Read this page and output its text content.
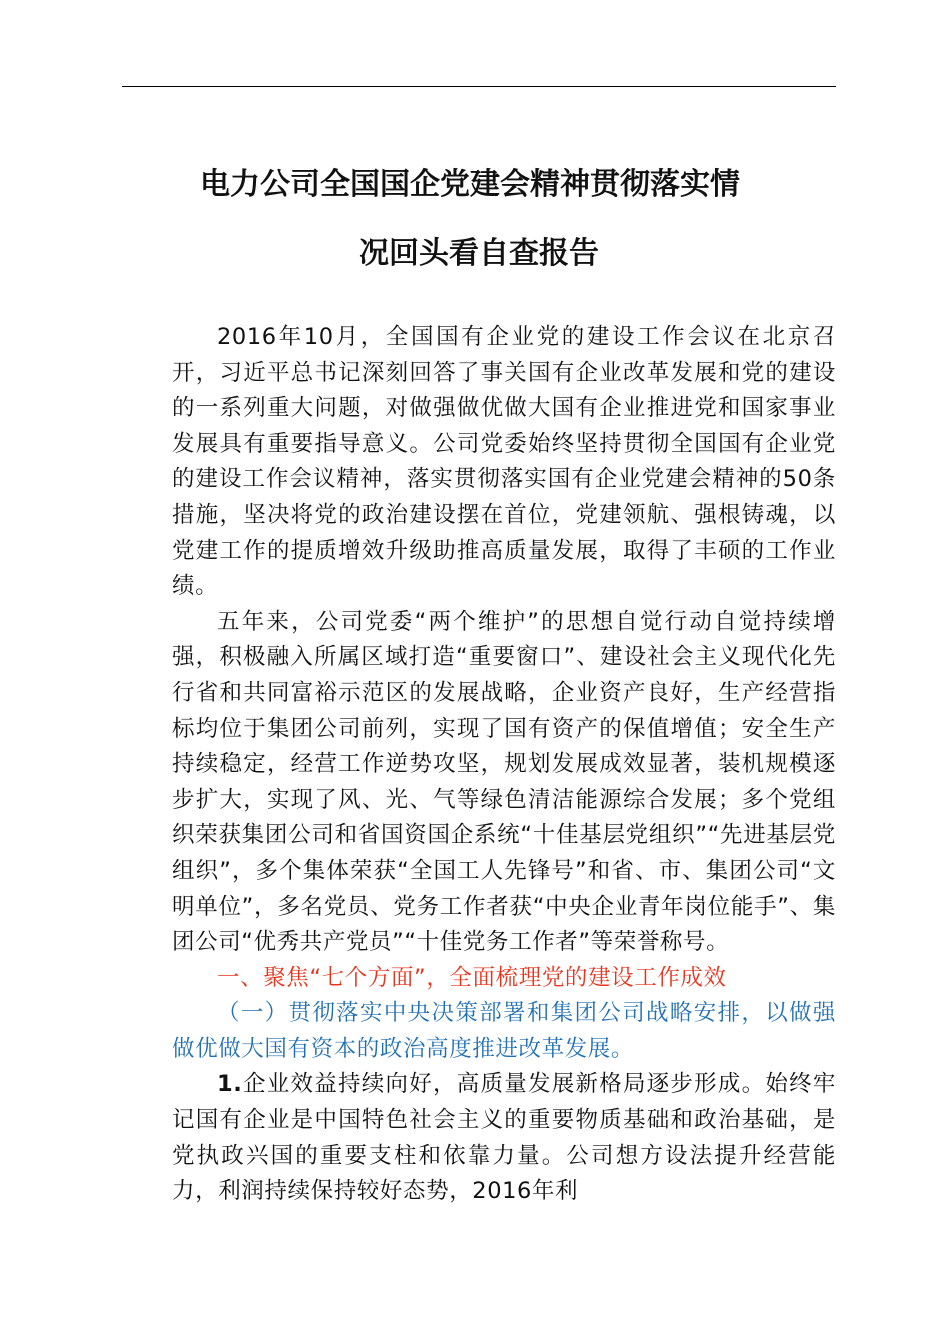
电力公司全国国企党建会精神贯彻落实情
况回头看自查报告

2016年10月，全国国有企业党的建设工作会议在北京召开，习近平总书记深刻回答了事关国有企业改革发展和党的建设的一系列重大问题，对做强做优做大国有企业推进党和国家事业发展具有重要指导意义。公司党委始终坚持贯彻全国国有企业党的建设工作会议精神，落实贯彻落实国有企业党建会精神的50条措施，坚决将党的政治建设摆在首位，党建领航、强根铸魂，以党建工作的提质增效升级助推高质量发展，取得了丰硕的工作业绩。

五年来，公司党委“两个维护”的思想自觉行动自觉持续增强，积极融入所属区域打造“重要窗口”、建设社会主义现代化先行省和共同富裕示范区的发展战略，企业资产良好，生产经营指标均位于集团公司前列，实现了国有资产的保值增值；安全生产持续稳定，经营工作逆势攻坚，规划发展成效显著，装机规模逐步扩大，实现了风、光、气等绿色清洁能源综合发展；多个党组织荣获集团公司和省国资国企系统“十佳基层党组织”“先进基层党组织”，多个集体荣获“全国工人先锋号”和省、市、集团公司“文明单位”，多名党员、党务工作者获“中央企业青年岗位能手”、集团公司“优秀共产党员”“十佳党务工作者”等荣誉称号。

一、聚焦“七个方面”，全面梳理党的建设工作成效

（一）贯彻落实中央决策部署和集团公司战略安排，以做强做优做大国有资本的政治高度推进改革发展。

1.企业效益持续向好，高质量发展新格局逐步形成。始终牢记国有企业是中国特色社会主义的重要物质基础和政治基础，是党执政兴国的重要支柱和依靠力量。公司想方设法提升经营能力，利润持续保持较好态势，2016年利
